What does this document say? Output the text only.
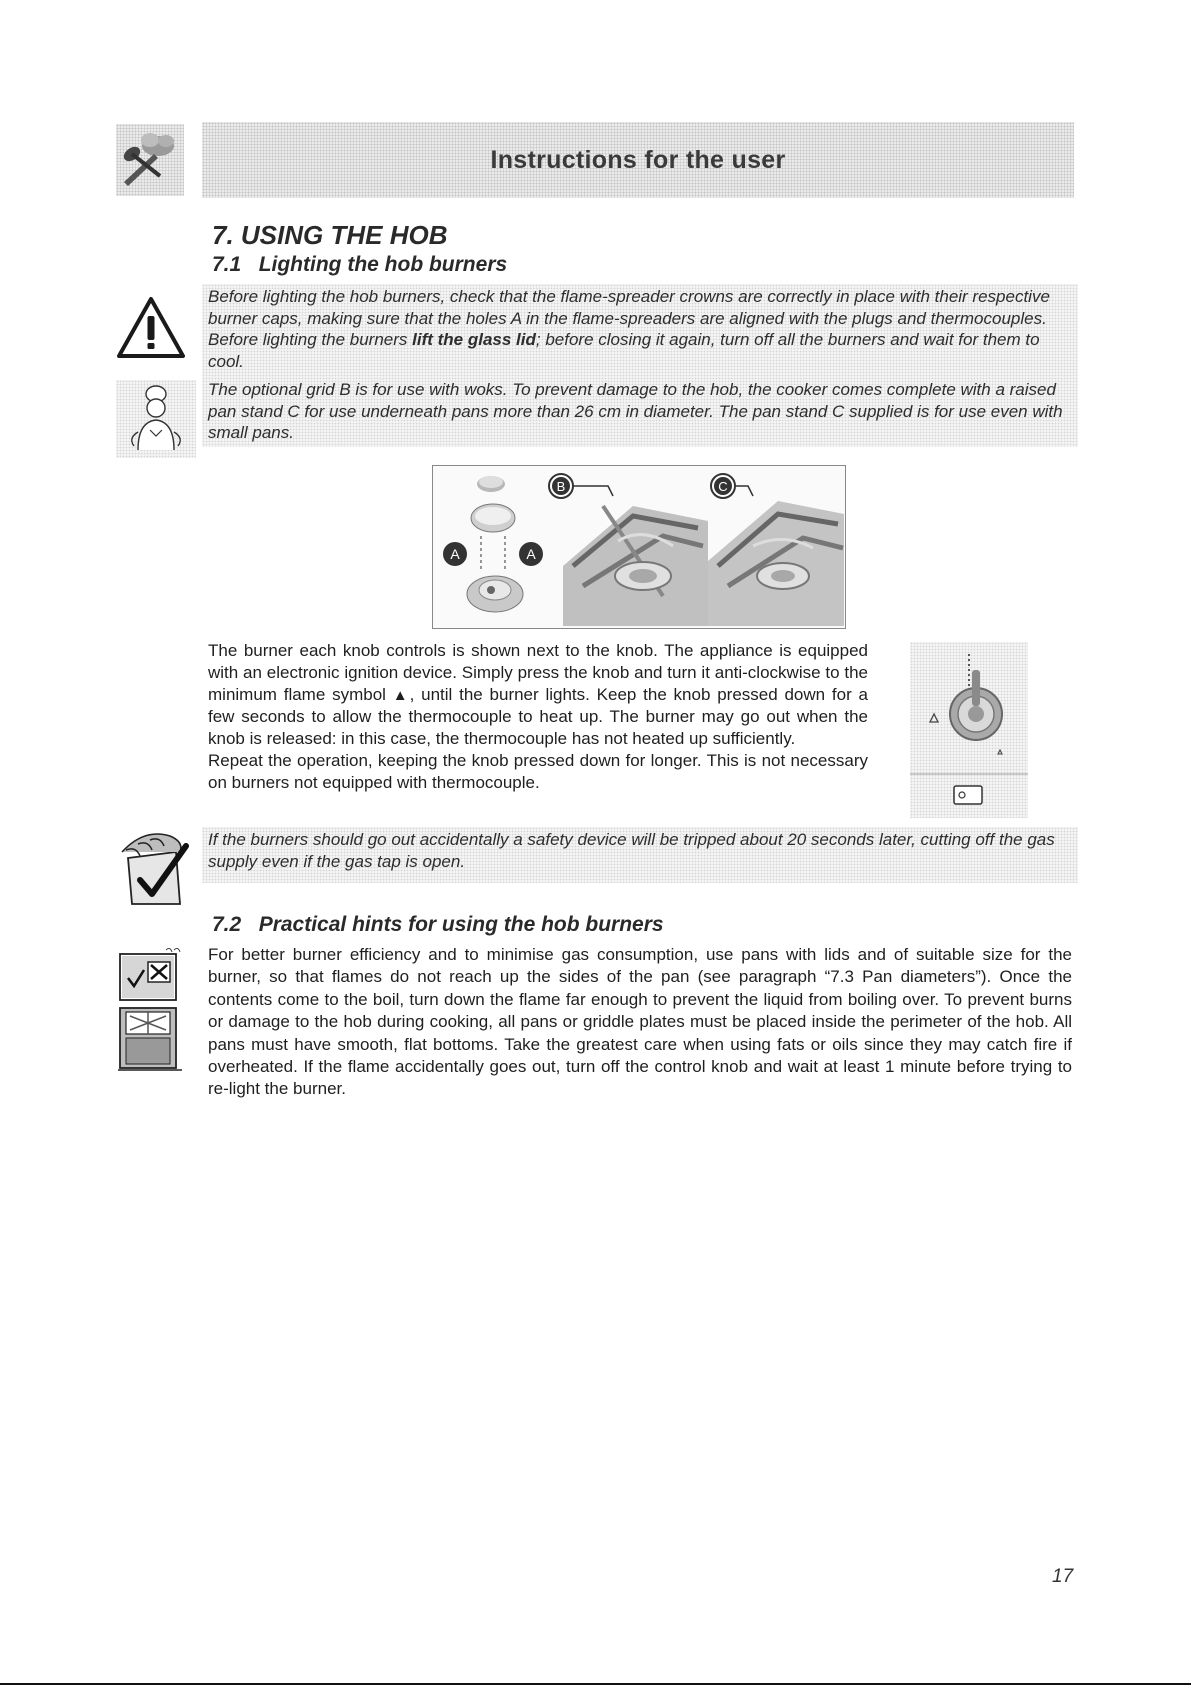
Instructions for the user
7. USING THE HOB
7.1   Lighting the hob burners
Before lighting the hob burners, check that the flame-spreader crowns are correctly in place with their respective burner caps, making sure that the holes A in the flame-spreaders are aligned with the plugs and thermocouples. Before lighting the burners lift the glass lid; before closing it again, turn off all the burners and wait for them to cool.
The optional grid B is for use with woks. To prevent damage to the hob, the cooker comes complete with a raised pan stand C for use underneath pans more than 26 cm in diameter. The pan stand C supplied is for use even with small pans.
A	A
B	C

The burner each knob controls is shown next to the knob. The appliance is equipped with an electronic ignition device. Simply press the knob and turn it anti-clockwise to the minimum flame symbol ▲, until the burner lights. Keep the knob pressed down for a few seconds to allow the thermocouple to heat up. The burner may go out when the knob is released: in this case, the thermocouple has not heated up sufficiently.

Repeat the operation, keeping the knob pressed down for longer. This is not necessary on burners not equipped with thermocouple.

If the burners should go out accidentally a safety device will be tripped about 20 seconds later, cutting off the gas supply even if the gas tap is open.
7.2   Practical hints for using the hob burners
For better burner efficiency and to minimise gas consumption, use pans with lids and of suitable size for the burner, so that flames do not reach up the sides of the pan (see paragraph “7.3 Pan diameters”). Once the contents come to the boil, turn down the flame far enough to prevent the liquid from boiling over. To prevent burns or damage to the hob during cooking, all pans or griddle plates must be placed inside the perimeter of the hob. All pans must have smooth, flat bottoms. Take the greatest care when using fats or oils since they may catch fire if overheated. If the flame accidentally goes out, turn off the control knob and wait at least 1 minute before trying to re-light the burner.
17
